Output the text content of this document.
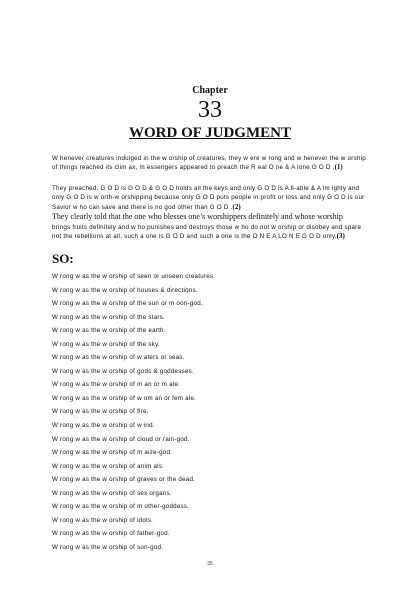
Chapter
33
WORD OF JUDGMENT

W henever creatures indulged in the w orship of creatures, they w ere w rong and w henever the w orship of things reached its clim ax, m essengers appeared to preach the R eal O ne & A lone G O D .(1)

They preached, G O D is G O D & G O D holds all the keys and only G O D is A ll-able & A lm ighty and only G O D is w orth-w orshipping because only G O D puts people in profit or loss and only G O D is our Savior w ho can save and there is no god other than G O D .(2)

They clearly told that the one who blesses one’s worshippers definitely and whose worship

brings fruits definitely and w ho punishes and destroys those w ho do not w orship or disobey and spare not the rebellions at all, such a one is G O D and such a one is the O N E A LO N E G O D only.(3)

SO:
W rong w as the w orship of seen or unseen creatures.
W rong w as the w orship of houses & directions.
W rong w as the w orship of the sun or m oon-god.
W rong w as the w orship of the stars.
W rong w as the w orship of the earth.
W rong w as the w orship of the sky.
W rong w as the w orship of w aters or seas.
W rong w as the w orship of gods & goddesses.
W rong w as the w orship of m an or m ale.
W rong w as the w orship of w om an or fem ale.
W rong w as the w orship of fire.
W rong w as the w orship of w ind.
W rong w as the w orship of cloud or rain-god.
W rong w as the w orship of m aize-god.
W rong w as the w orship of anim als.
W rong w as the w orship of graves or the dead.
W rong w as the w orship of sex organs.
W rong w as the w orship of m other-goddess.
W rong w as the w orship of idols.
W rong w as the w orship of father-god.
W rong w as the w orship of son-god.
35
